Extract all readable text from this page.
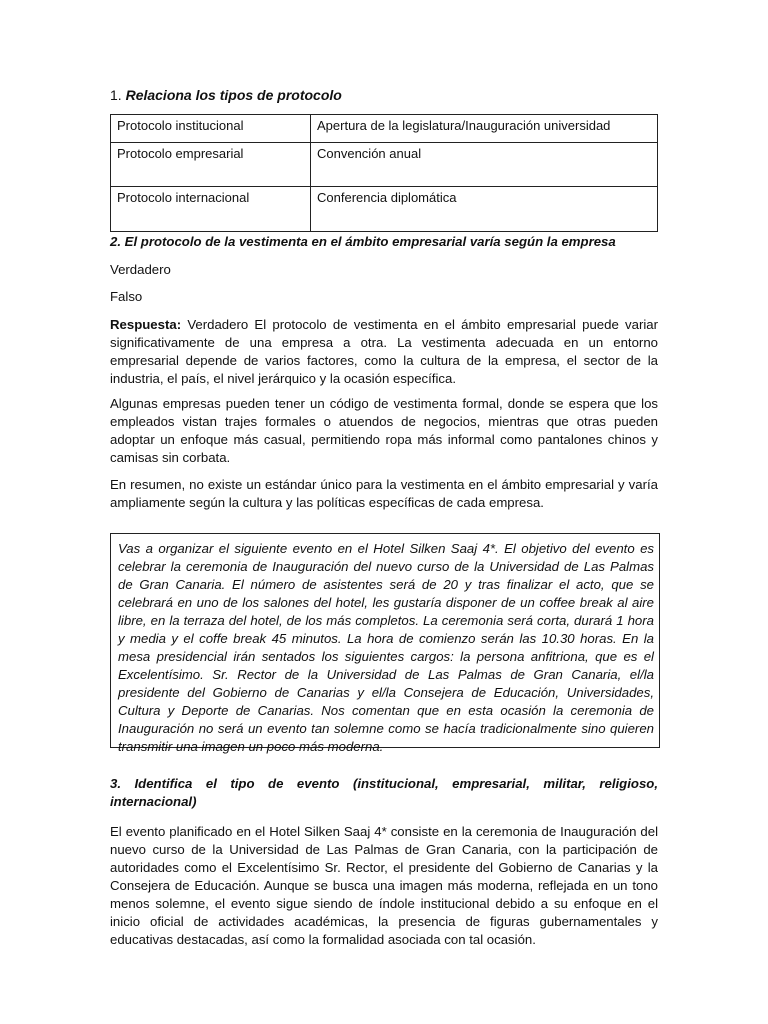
1. Relaciona los tipos de protocolo
Protocolo institucional	Apertura de la legislatura/Inauguración universidad
Protocolo empresarial	Convención anual
Protocolo internacional	Conferencia diplomática
2. El protocolo de la vestimenta en el ámbito empresarial varía según la empresa
Verdadero
Falso
Respuesta: Verdadero El protocolo de vestimenta en el ámbito empresarial puede variar significativamente de una empresa a otra. La vestimenta adecuada en un entorno empresarial depende de varios factores, como la cultura de la empresa, el sector de la industria, el país, el nivel jerárquico y la ocasión específica.
Algunas empresas pueden tener un código de vestimenta formal, donde se espera que los empleados vistan trajes formales o atuendos de negocios, mientras que otras pueden adoptar un enfoque más casual, permitiendo ropa más informal como pantalones chinos y camisas sin corbata.
En resumen, no existe un estándar único para la vestimenta en el ámbito empresarial y varía ampliamente según la cultura y las políticas específicas de cada empresa.
Vas a organizar el siguiente evento en el Hotel Silken Saaj 4*. El objetivo del evento es celebrar la ceremonia de Inauguración del nuevo curso de la Universidad de Las Palmas de Gran Canaria. El número de asistentes será de 20 y tras finalizar el acto, que se celebrará en uno de los salones del hotel, les gustaría disponer de un coffee break al aire libre, en la terraza del hotel, de los más completos. La ceremonia será corta, durará 1 hora y media y el coffe break 45 minutos. La hora de comienzo serán las 10.30 horas. En la mesa presidencial irán sentados los siguientes cargos: la persona anfitriona, que es el Excelentísimo. Sr. Rector de la Universidad de Las Palmas de Gran Canaria, el/la presidente del Gobierno de Canarias y el/la Consejera de Educación, Universidades, Cultura y Deporte de Canarias. Nos comentan que en esta ocasión la ceremonia de Inauguración no será un evento tan solemne como se hacía tradicionalmente sino quieren transmitir una imagen un poco más moderna.
3. Identifica el tipo de evento (institucional, empresarial, militar, religioso, internacional)
El evento planificado en el Hotel Silken Saaj 4* consiste en la ceremonia de Inauguración del nuevo curso de la Universidad de Las Palmas de Gran Canaria, con la participación de autoridades como el Excelentísimo Sr. Rector, el presidente del Gobierno de Canarias y la Consejera de Educación. Aunque se busca una imagen más moderna, reflejada en un tono menos solemne, el evento sigue siendo de índole institucional debido a su enfoque en el inicio oficial de actividades académicas, la presencia de figuras gubernamentales y educativas destacadas, así como la formalidad asociada con tal ocasión.
